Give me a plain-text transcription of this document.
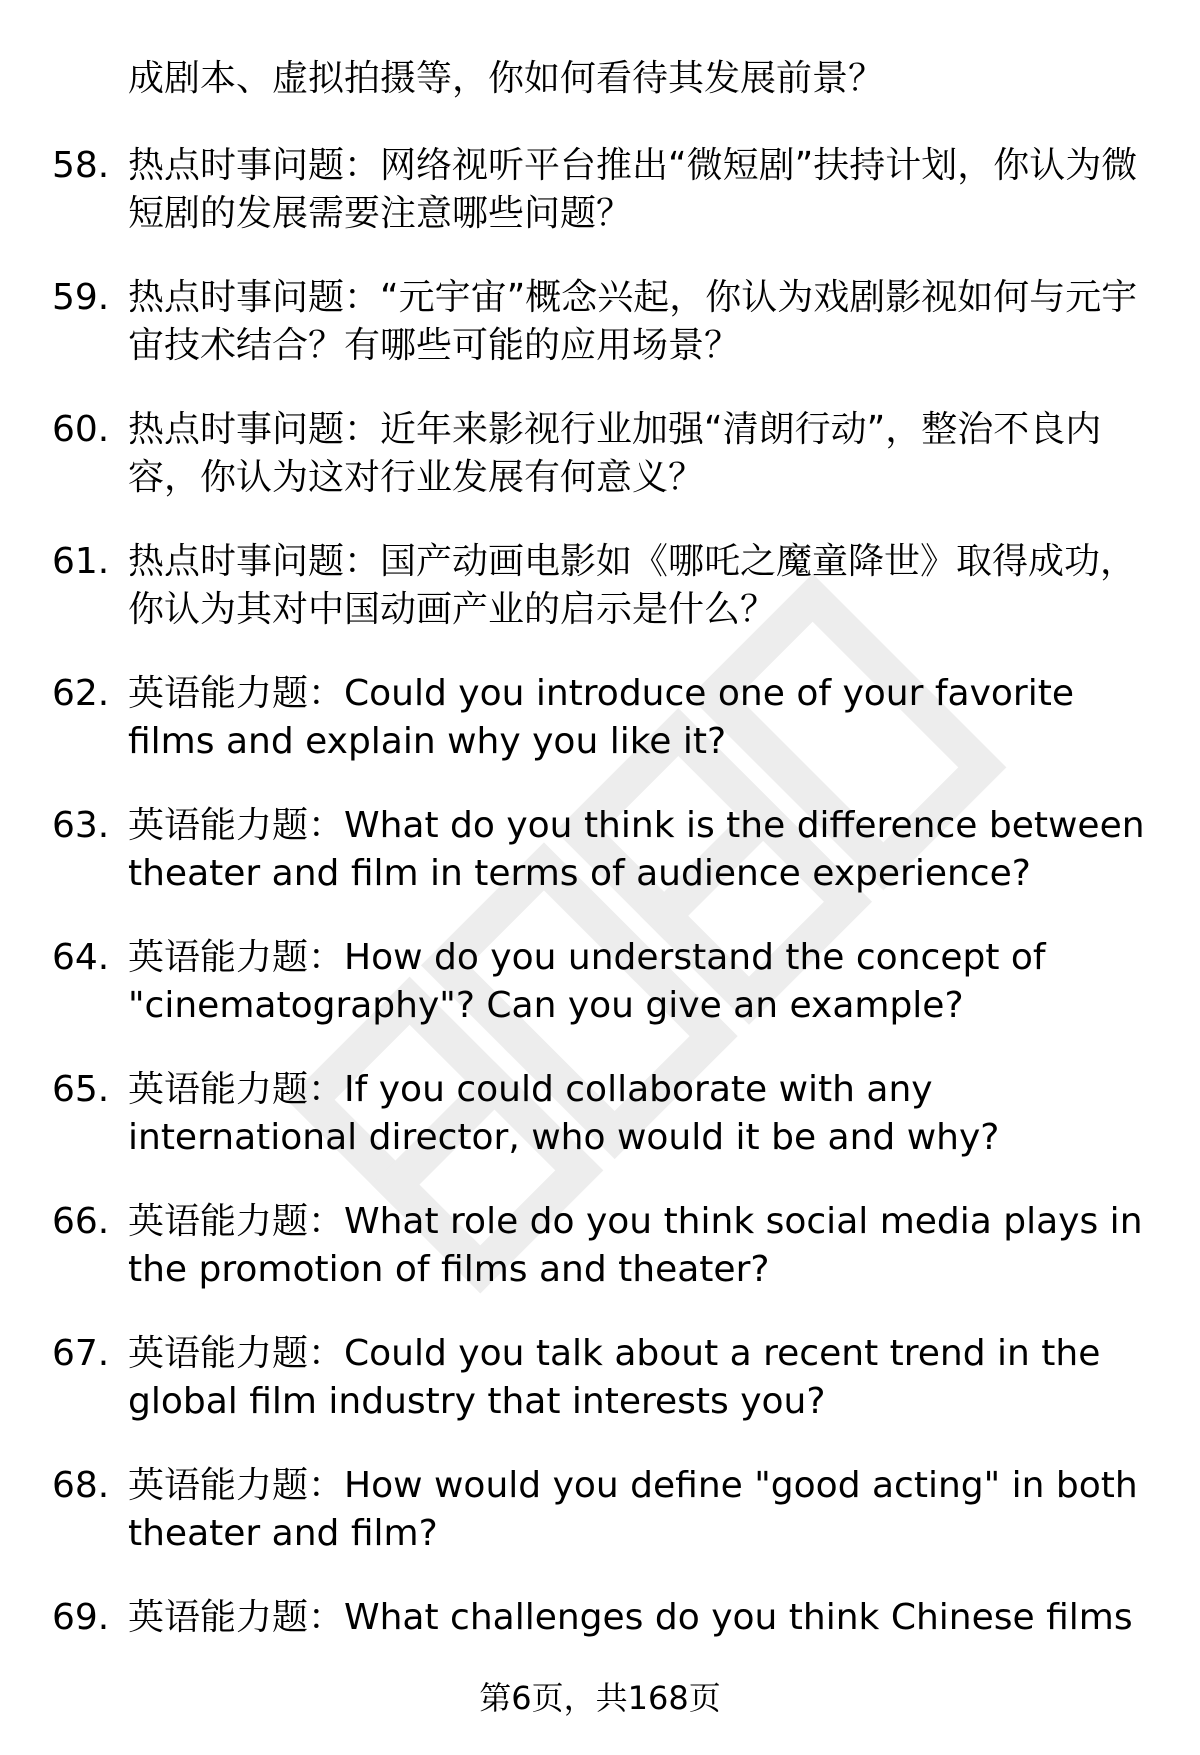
成剧本、虚拟拍摄等，你如何看待其发展前景？
58. 热点时事问题：网络视听平台推出“微短剧”扶持计划，你认为微短剧的发展需要注意哪些问题？
59. 热点时事问题：“元宇宙”概念兴起，你认为戏剧影视如何与元宇宙技术结合？有哪些可能的应用场景？
60. 热点时事问题：近年来影视行业加强“清朗行动”，整治不良内容，你认为这对行业发展有何意义？
61. 热点时事问题：国产动画电影如《哪吒之魔童降世》取得成功，你认为其对中国动画产业的启示是什么？
62. 英语能力题：Could you introduce one of your favorite films and explain why you like it?
63. 英语能力题：What do you think is the difference between theater and film in terms of audience experience?
64. 英语能力题：How do you understand the concept of "cinematography"? Can you give an example?
65. 英语能力题：If you could collaborate with any international director, who would it be and why?
66. 英语能力题：What role do you think social media plays in the promotion of films and theater?
67. 英语能力题：Could you talk about a recent trend in the global film industry that interests you?
68. 英语能力题：How would you define "good acting" in both theater and film?
69. 英语能力题：What challenges do you think Chinese films
第6页，共168页
